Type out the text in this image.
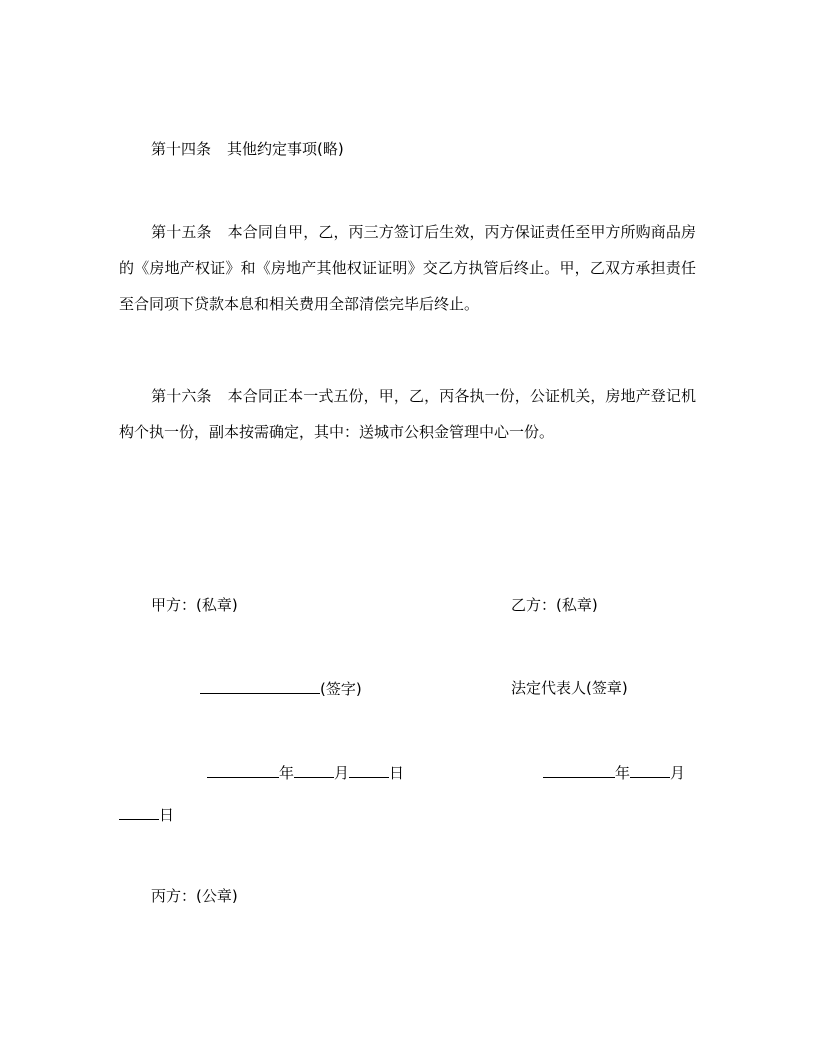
第十四条 其他约定事项(略)
第十五条 本合同自甲，乙，丙三方签订后生效，丙方保证责任至甲方所购商品房的《房地产权证》和《房地产其他权证证明》交乙方执管后终止。甲，乙双方承担责任至合同项下贷款本息和相关费用全部清偿完毕后终止。
第十六条 本合同正本一式五份，甲，乙，丙各执一份，公证机关，房地产登记机构个执一份，副本按需确定，其中：送城市公积金管理中心一份。
甲方：(私章)	乙方：(私章)
(签字)	法定代表人(签章)
年	月	日	年	月
日
丙方：(公章)
